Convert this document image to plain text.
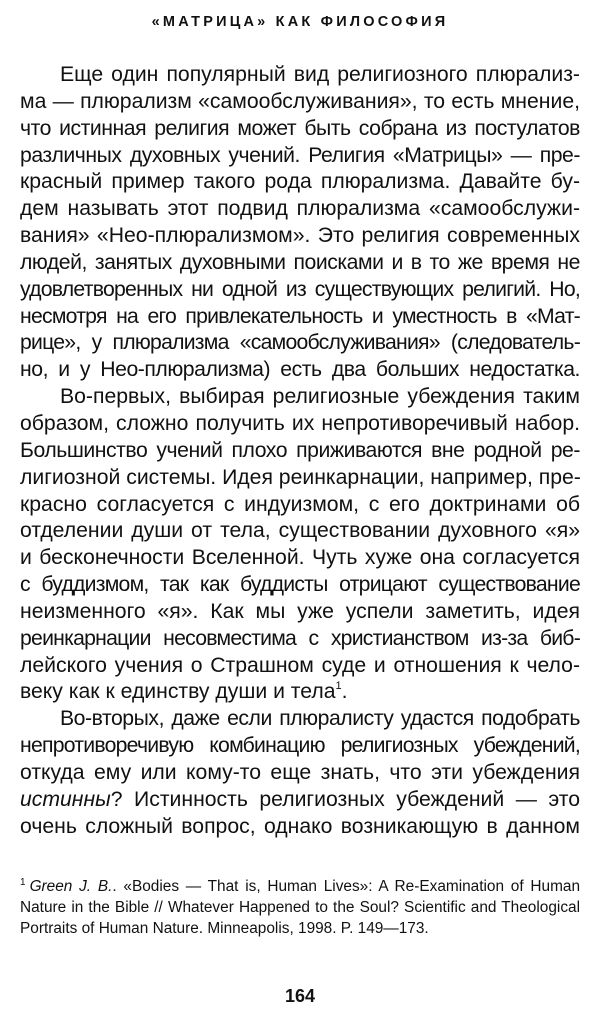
«МАТРИЦА» КАК ФИЛОСОФИЯ
Еще один популярный вид религиозного плюрализ-
ма — плюрализм «самообслуживания», то есть мнение,
что истинная религия может быть собрана из постулатов
различных духовных учений. Религия «Матрицы» — пре-
красный пример такого рода плюрализма. Давайте бу-
дем называть этот подвид плюрализма «самообслужи-
вания» «Нео-плюрализмом». Это религия современных
людей, занятых духовными поисками и в то же время не
удовлетворенных ни одной из существующих религий. Но,
несмотря на его привлекательность и уместность в «Мат-
рице», у плюрализма «самообслуживания» (следователь-
но, и у Нео-плюрализма) есть два больших недостатка.
Во-первых, выбирая религиозные убеждения таким
образом, сложно получить их непротиворечивый набор.
Большинство учений плохо приживаются вне родной ре-
лигиозной системы. Идея реинкарнации, например, пре-
красно согласуется с индуизмом, с его доктринами об
отделении души от тела, существовании духовного «я»
и бесконечности Вселенной. Чуть хуже она согласуется
с буддизмом, так как буддисты отрицают существование
неизменного «я». Как мы уже успели заметить, идея
реинкарнации несовместима с христианством из-за биб-
лейского учения о Страшном суде и отношения к чело-
веку как к единству души и тела$^1$.
Во-вторых, даже если плюралисту удастся подобрать
непротиворечивую комбинацию религиозных убеждений,
откуда ему или кому-то еще знать, что эти убеждения
истинны? Истинность религиозных убеждений — это
очень сложный вопрос, однако возникающую в данном
$^1$ Green J. B.. «Bodies — That is, Human Lives»: A Re-Examination of Human
Nature in the Bible // Whatever Happened to the Soul? Scientific and Theological
Portraits of Human Nature. Minneapolis, 1998. P. 149—173.
164
